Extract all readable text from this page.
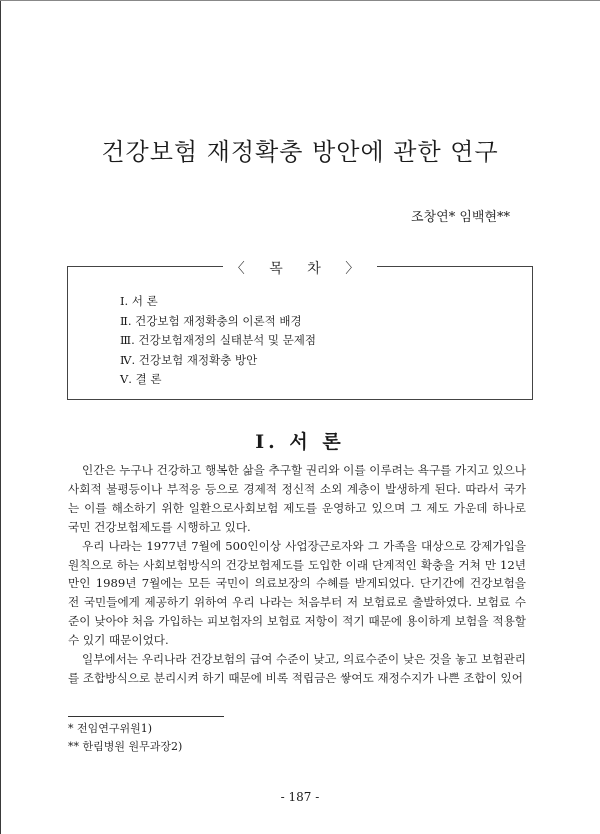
건강보험 재정확충 방안에 관한 연구
조창연* 임백현**
〈 목 차 〉
Ⅰ. 서 론
Ⅱ. 건강보험 재정확충의 이론적 배경
Ⅲ. 건강보험재정의 실태분석 및 문제점
Ⅳ. 건강보험 재정확충 방안
Ⅴ. 결 론
Ⅰ. 서 론

인간은 누구나 건강하고 행복한 삶을 추구할 권리와 이를 이루려는 욕구를 가지고 있으나 사회적 불평등이나 부적응 등으로 경제적 정신적 소외 계층이 발생하게 된다. 따라서 국가는 이를 해소하기 위한 일환으로사회보험 제도를 운영하고 있으며 그 제도 가운데 하나로 국민 건강보험제도를 시행하고 있다.

우리 나라는 1977년 7월에 500인이상 사업장근로자와 그 가족을 대상으로 강제가입을 원칙으로 하는 사회보험방식의 건강보험제도를 도입한 이래 단계적인 확충을 거쳐 만 12년 만인 1989년 7월에는 모든 국민이 의료보장의 수혜를 받게되었다. 단기간에 건강보험을 전 국민들에게 제공하기 위하여 우리 나라는 처음부터 저 보험료로 출발하였다. 보험료 수준이 낮아야 처음 가입하는 피보험자의 보험료 저항이 적기 때문에 용이하게 보험을 적용할 수 있기 때문이었다.

일부에서는 우리나라 건강보험의 급여 수준이 낮고, 의료수준이 낮은 것을 놓고 보험관리를 조합방식으로 분리시켜 하기 때문에 비록 적립금은 쌓여도 재정수지가 나쁜 조합이 있어

* 전임연구위원1)
** 한림병원 원무과장2)
- 187 -
